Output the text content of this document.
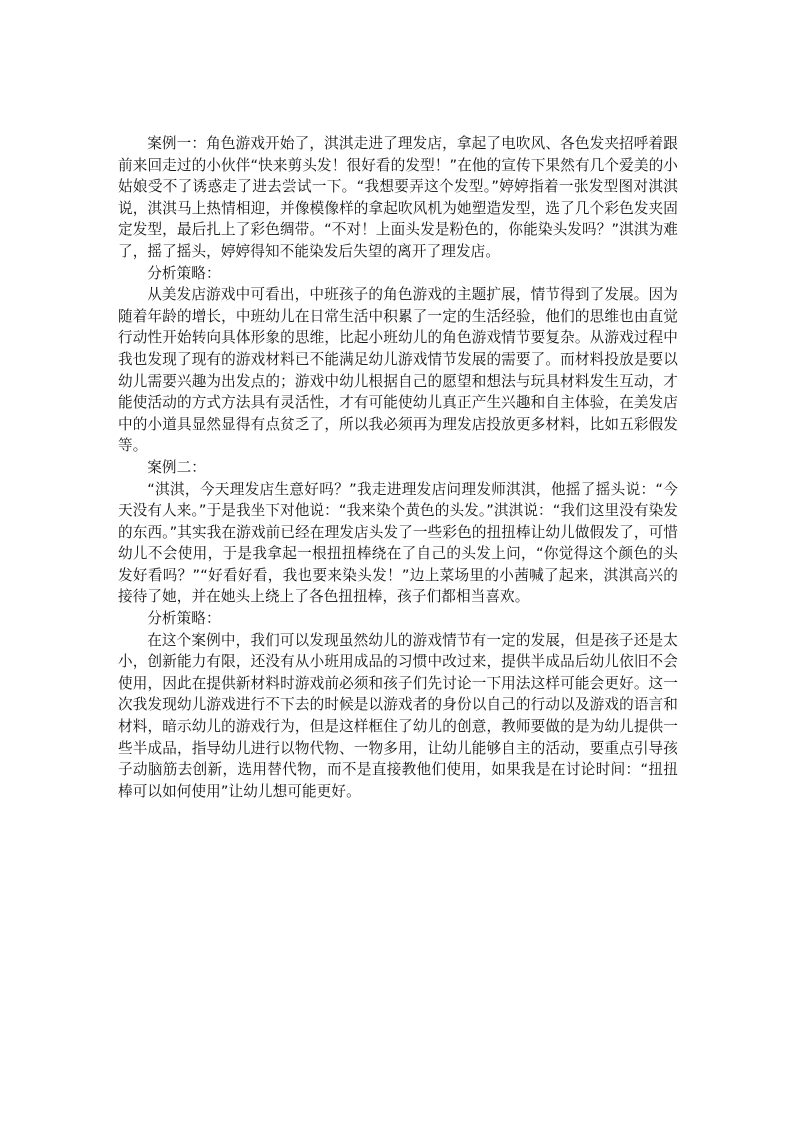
案例一：角色游戏开始了，淇淇走进了理发店，拿起了电吹风、各色发夹招呼着跟前来回走过的小伙伴“快来剪头发！很好看的发型！”在他的宣传下果然有几个爱美的小姑娘受不了诱惑走了进去尝试一下。“我想要弄这个发型。”婷婷指着一张发型图对淇淇说，淇淇马上热情相迎，并像模像样的拿起吹风机为她塑造发型，选了几个彩色发夹固定发型，最后扎上了彩色绸带。“不对！上面头发是粉色的，你能染头发吗？”淇淇为难了，摇了摇头，婷婷得知不能染发后失望的离开了理发店。

分析策略：

从美发店游戏中可看出，中班孩子的角色游戏的主题扩展，情节得到了发展。因为随着年龄的增长，中班幼儿在日常生活中积累了一定的生活经验，他们的思维也由直觉行动性开始转向具体形象的思维，比起小班幼儿的角色游戏情节要复杂。从游戏过程中我也发现了现有的游戏材料已不能满足幼儿游戏情节发展的需要了。而材料投放是要以幼儿需要兴趣为出发点的；游戏中幼儿根据自己的愿望和想法与玩具材料发生互动，才能使活动的方式方法具有灵活性，才有可能使幼儿真正产生兴趣和自主体验，在美发店中的小道具显然显得有点贫乏了，所以我必须再为理发店投放更多材料，比如五彩假发等。

案例二：

“淇淇，今天理发店生意好吗？”我走进理发店问理发师淇淇，他摇了摇头说：“今天没有人来。”于是我坐下对他说：“我来染个黄色的头发。”淇淇说：“我们这里没有染发的东西。”其实我在游戏前已经在理发店头发了一些彩色的扭扭棒让幼儿做假发了，可惜幼儿不会使用，于是我拿起一根扭扭棒绕在了自己的头发上问，“你觉得这个颜色的头发好看吗？”“好看好看，我也要来染头发！”边上菜场里的小茜喊了起来，淇淇高兴的接待了她，并在她头上绕上了各色扭扭棒，孩子们都相当喜欢。

分析策略：

在这个案例中，我们可以发现虽然幼儿的游戏情节有一定的发展，但是孩子还是太小，创新能力有限，还没有从小班用成品的习惯中改过来，提供半成品后幼儿依旧不会使用，因此在提供新材料时游戏前必须和孩子们先讨论一下用法这样可能会更好。这一次我发现幼儿游戏进行不下去的时候是以游戏者的身份以自己的行动以及游戏的语言和材料，暗示幼儿的游戏行为，但是这样框住了幼儿的创意，教师要做的是为幼儿提供一些半成品，指导幼儿进行以物代物、一物多用，让幼儿能够自主的活动，要重点引导孩子动脑筋去创新，选用替代物，而不是直接教他们使用，如果我是在讨论时间：“扭扭棒可以如何使用”让幼儿想可能更好。
